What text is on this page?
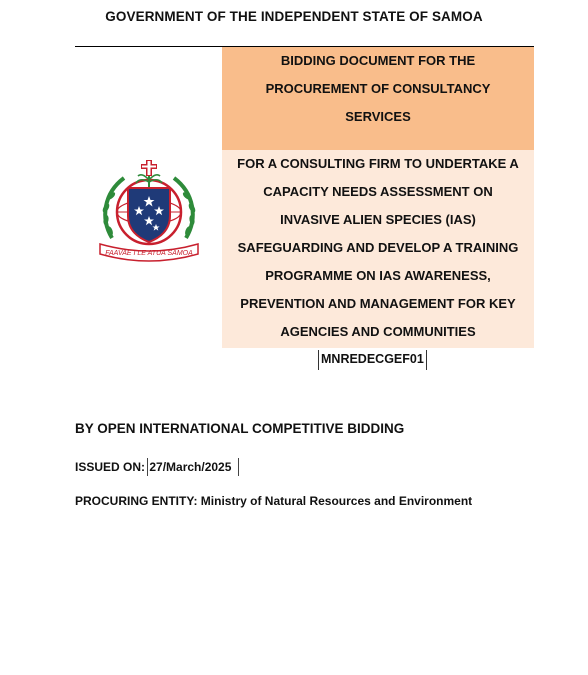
GOVERNMENT OF THE INDEPENDENT STATE OF SAMOA
FAAVAE I LE ATUA SAMOA
BIDDING DOCUMENT FOR THE
PROCUREMENT OF CONSULTANCY
SERVICES
FOR A CONSULTING FIRM TO UNDERTAKE A
CAPACITY NEEDS ASSESSMENT ON
INVASIVE ALIEN SPECIES (IAS)
SAFEGUARDING AND DEVELOP A TRAINING
PROGRAMME ON IAS AWARENESS,
PREVENTION AND MANAGEMENT FOR KEY
AGENCIES AND COMMUNITIES
MNREDECGEF01
BY OPEN INTERNATIONAL COMPETITIVE BIDDING
ISSUED ON:
27/March/2025
PROCURING ENTITY: Ministry of Natural Resources and Environment
